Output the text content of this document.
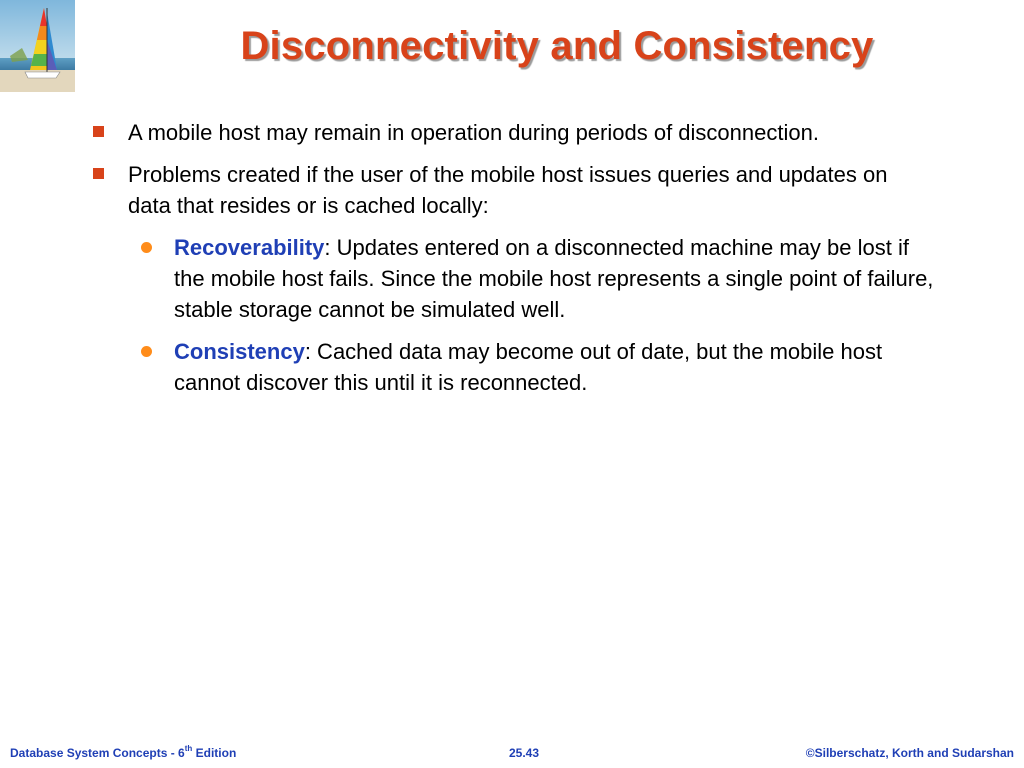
Disconnectivity and Consistency
A mobile host may remain in operation during periods of disconnection.
Problems created if the user of the mobile host issues queries and updates on data that resides or is cached locally:
Recoverability: Updates entered on a disconnected machine may be lost if the mobile host fails. Since the mobile host represents a single point of failure, stable storage cannot be simulated well.
Consistency: Cached data may become out of date, but the mobile host cannot discover this until it is reconnected.
Database System Concepts - 6th Edition	25.43	©Silberschatz, Korth and Sudarshan
